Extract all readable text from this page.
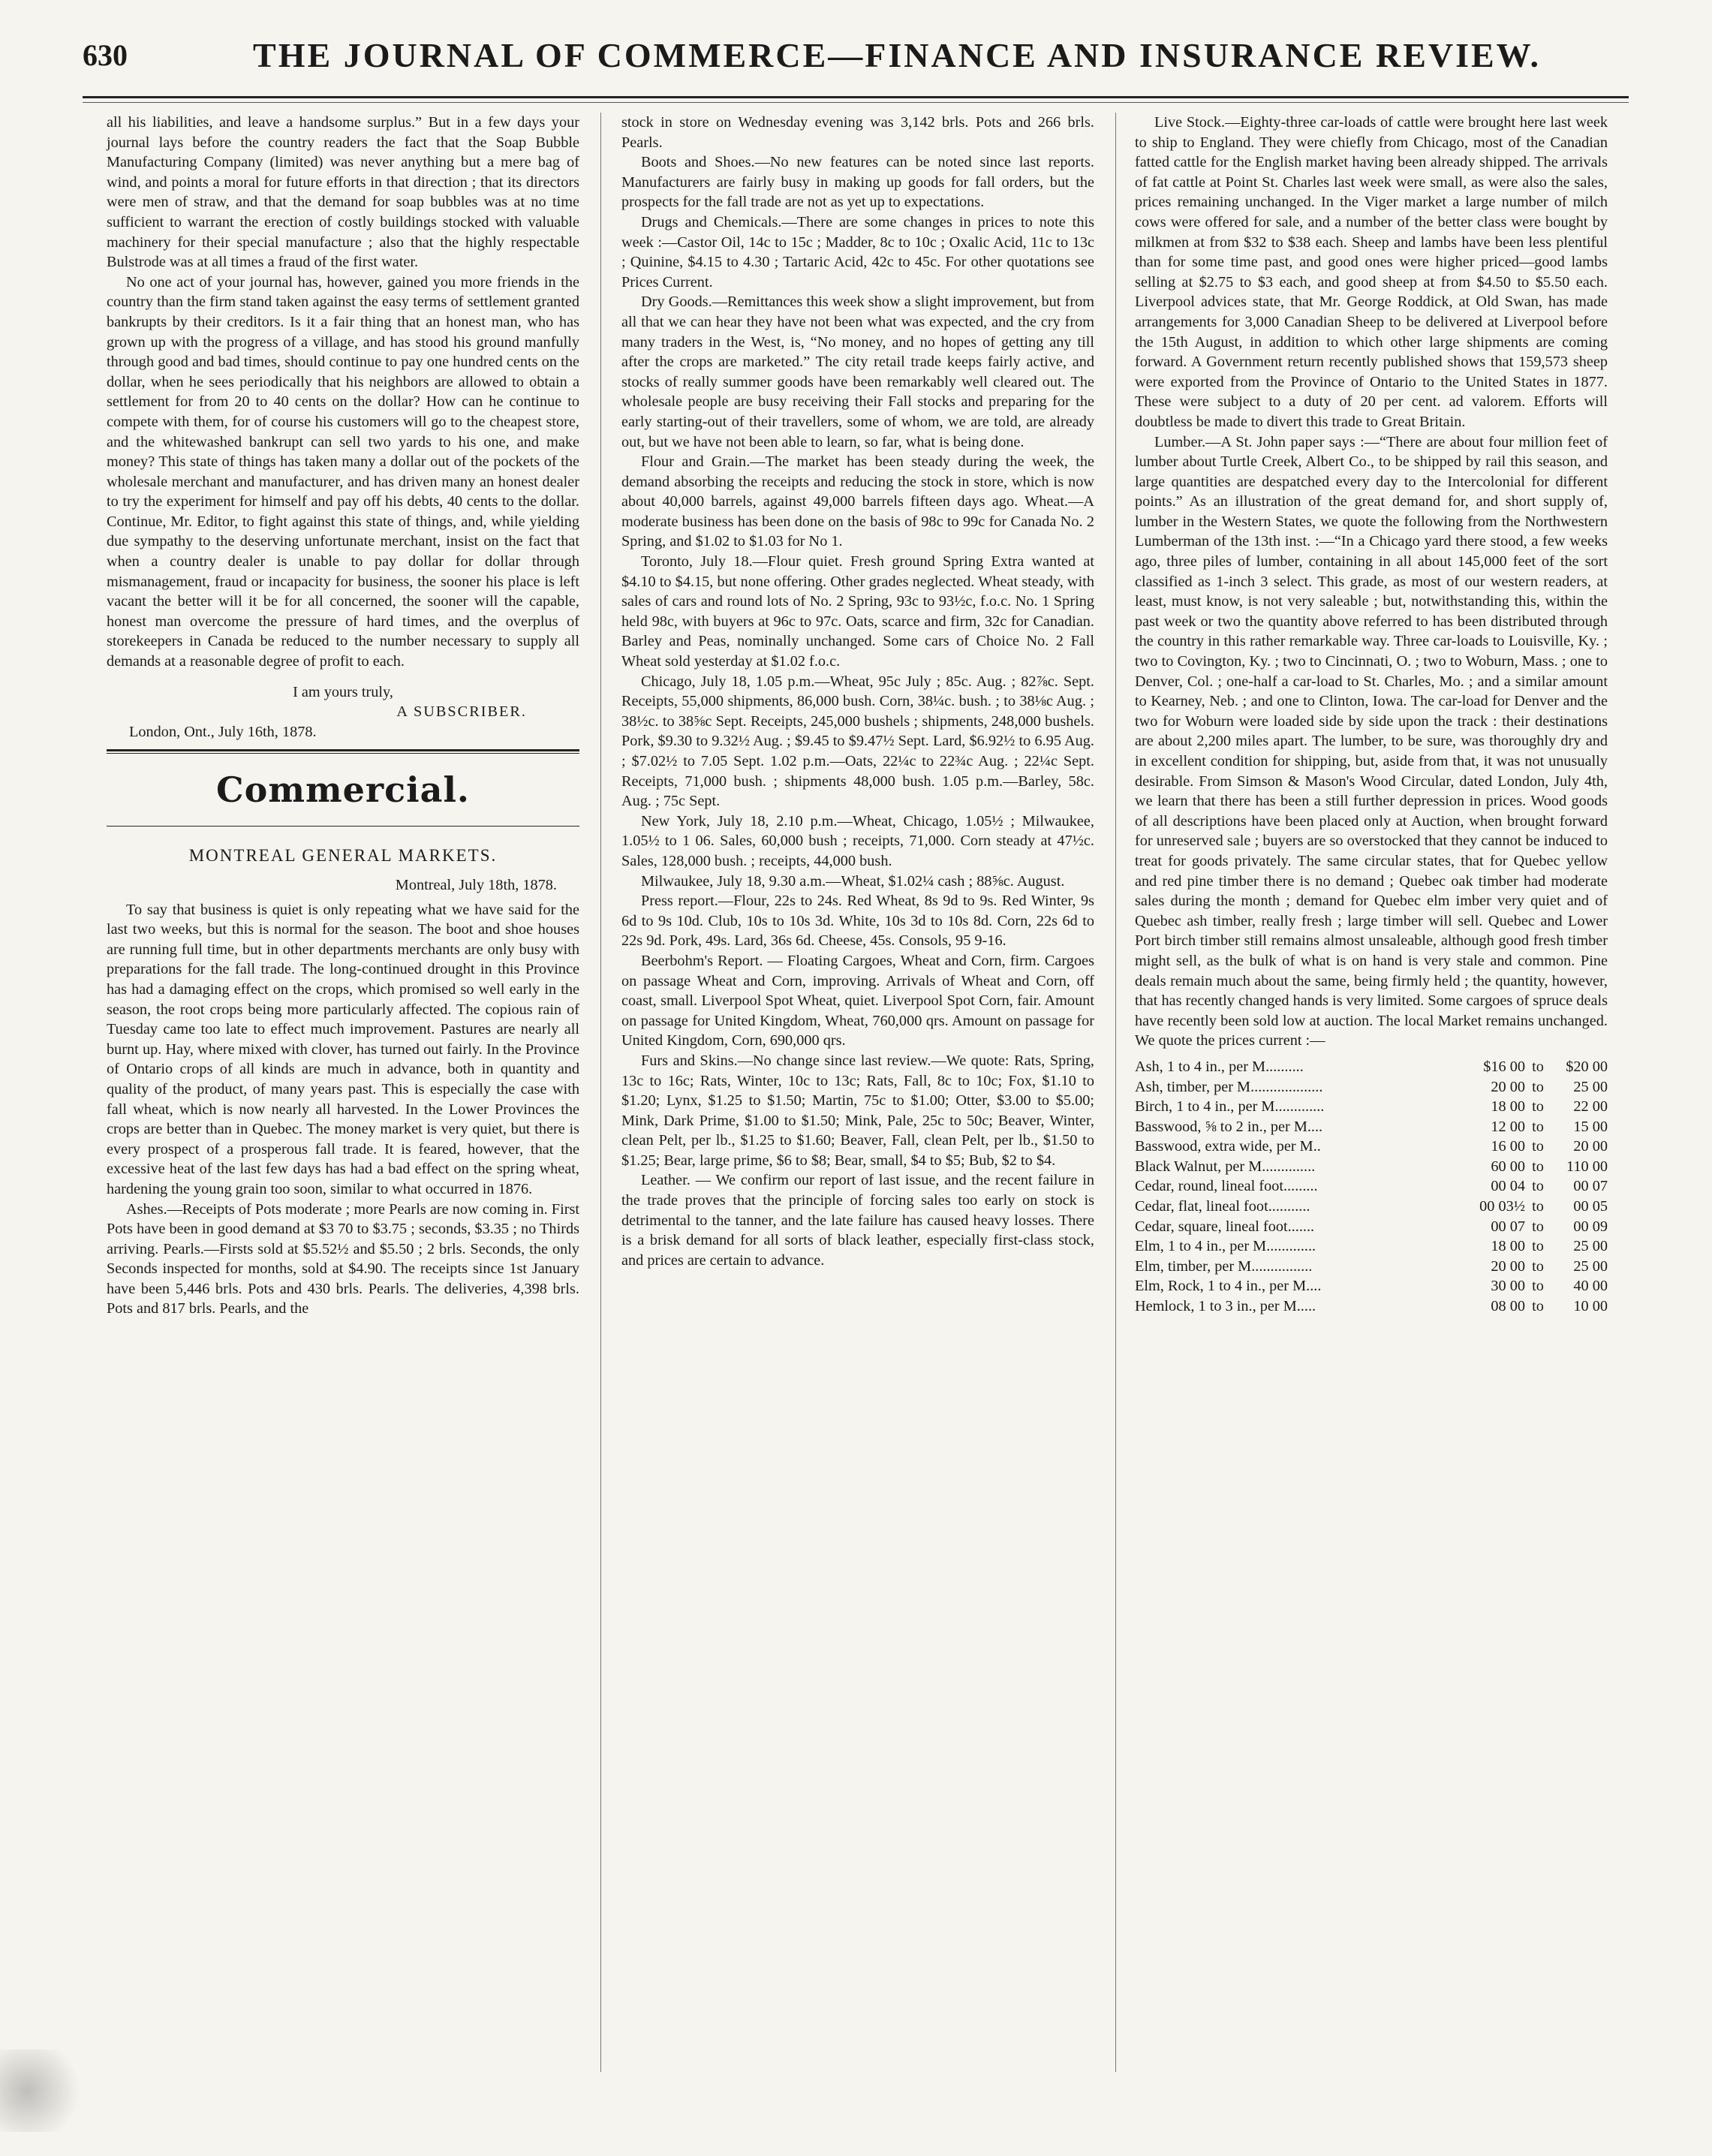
630	THE JOURNAL OF COMMERCE—FINANCE AND INSURANCE REVIEW.

all his liabilities, and leave a handsome surplus.” But in a few days your journal lays before the country readers the fact that the Soap Bubble Manufacturing Company (limited) was never anything but a mere bag of wind, and points a moral for future efforts in that direction ; that its directors were men of straw, and that the demand for soap bubbles was at no time sufficient to warrant the erection of costly buildings stocked with valuable machinery for their special manufacture ; also that the highly respectable Bulstrode was at all times a fraud of the first water.

No one act of your journal has, however, gained you more friends in the country than the firm stand taken against the easy terms of settlement granted bankrupts by their creditors. Is it a fair thing that an honest man, who has grown up with the progress of a village, and has stood his ground manfully through good and bad times, should continue to pay one hundred cents on the dollar, when he sees periodically that his neighbors are allowed to obtain a settlement for from 20 to 40 cents on the dollar? How can he continue to compete with them, for of course his customers will go to the cheapest store, and the whitewashed bankrupt can sell two yards to his one, and make money? This state of things has taken many a dollar out of the pockets of the wholesale merchant and manufacturer, and has driven many an honest dealer to try the experiment for himself and pay off his debts, 40 cents to the dollar. Continue, Mr. Editor, to fight against this state of things, and, while yielding due sympathy to the deserving unfortunate merchant, insist on the fact that when a country dealer is unable to pay dollar for dollar through mismanagement, fraud or incapacity for business, the sooner his place is left vacant the better will it be for all concerned, the sooner will the capable, honest man overcome the pressure of hard times, and the overplus of storekeepers in Canada be reduced to the number necessary to supply all demands at a reasonable degree of profit to each.

I am yours truly,

A SUBSCRIBER.

London, Ont., July 16th, 1878.

Commercial.

MONTREAL GENERAL MARKETS.

Montreal, July 18th, 1878.

To say that business is quiet is only repeating what we have said for the last two weeks, but this is normal for the season. The boot and shoe houses are running full time, but in other departments merchants are only busy with preparations for the fall trade. The long-continued drought in this Province has had a damaging effect on the crops, which promised so well early in the season, the root crops being more particularly affected. The copious rain of Tuesday came too late to effect much improvement. Pastures are nearly all burnt up. Hay, where mixed with clover, has turned out fairly. In the Province of Ontario crops of all kinds are much in advance, both in quantity and quality of the product, of many years past. This is especially the case with fall wheat, which is now nearly all harvested. In the Lower Provinces the crops are better than in Quebec. The money market is very quiet, but there is every prospect of a prosperous fall trade. It is feared, however, that the excessive heat of the last few days has had a bad effect on the spring wheat, hardening the young grain too soon, similar to what occurred in 1876.

Ashes.—Receipts of Pots moderate ; more Pearls are now coming in. First Pots have been in good demand at $3 70 to $3.75 ; seconds, $3.35 ; no Thirds arriving. Pearls.—Firsts sold at $5.52½ and $5.50 ; 2 brls. Seconds, the only Seconds inspected for months, sold at $4.90. The receipts since 1st January have been 5,446 brls. Pots and 430 brls. Pearls. The deliveries, 4,398 brls. Pots and 817 brls. Pearls, and the

stock in store on Wednesday evening was 3,142 brls. Pots and 266 brls. Pearls.

Boots and Shoes.—No new features can be noted since last reports. Manufacturers are fairly busy in making up goods for fall orders, but the prospects for the fall trade are not as yet up to expectations.

Drugs and Chemicals.—There are some changes in prices to note this week :—Castor Oil, 14c to 15c ; Madder, 8c to 10c ; Oxalic Acid, 11c to 13c ; Quinine, $4.15 to 4.30 ; Tartaric Acid, 42c to 45c. For other quotations see Prices Current.

Dry Goods.—Remittances this week show a slight improvement, but from all that we can hear they have not been what was expected, and the cry from many traders in the West, is, “No money, and no hopes of getting any till after the crops are marketed.” The city retail trade keeps fairly active, and stocks of really summer goods have been remarkably well cleared out. The wholesale people are busy receiving their Fall stocks and preparing for the early starting-out of their travellers, some of whom, we are told, are already out, but we have not been able to learn, so far, what is being done.

Flour and Grain.—The market has been steady during the week, the demand absorbing the receipts and reducing the stock in store, which is now about 40,000 barrels, against 49,000 barrels fifteen days ago. Wheat.—A moderate business has been done on the basis of 98c to 99c for Canada No. 2 Spring, and $1.02 to $1.03 for No 1.

Toronto, July 18.—Flour quiet. Fresh ground Spring Extra wanted at $4.10 to $4.15, but none offering. Other grades neglected. Wheat steady, with sales of cars and round lots of No. 2 Spring, 93c to 93½c, f.o.c. No. 1 Spring held 98c, with buyers at 96c to 97c. Oats, scarce and firm, 32c for Canadian. Barley and Peas, nominally unchanged. Some cars of Choice No. 2 Fall Wheat sold yesterday at $1.02 f.o.c.

Chicago, July 18, 1.05 p.m.—Wheat, 95c July ; 85c. Aug. ; 82⅞c. Sept. Receipts, 55,000 shipments, 86,000 bush. Corn, 38¼c. bush. ; to 38⅛c Aug. ; 38½c. to 38⅝c Sept. Receipts, 245,000 bushels ; shipments, 248,000 bushels. Pork, $9.30 to 9.32½ Aug. ; $9.45 to $9.47½ Sept. Lard, $6.92½ to 6.95 Aug. ; $7.02½ to 7.05 Sept. 1.02 p.m.—Oats, 22¼c to 22¾c Aug. ; 22¼c Sept. Receipts, 71,000 bush. ; shipments 48,000 bush. 1.05 p.m.—Barley, 58c. Aug. ; 75c Sept.

New York, July 18, 2.10 p.m.—Wheat, Chicago, 1.05½ ; Milwaukee, 1.05½ to 1 06. Sales, 60,000 bush ; receipts, 71,000. Corn steady at 47½c. Sales, 128,000 bush. ; receipts, 44,000 bush.

Milwaukee, July 18, 9.30 a.m.—Wheat, $1.02¼ cash ; 88⅝c. August.

Press report.—Flour, 22s to 24s. Red Wheat, 8s 9d to 9s. Red Winter, 9s 6d to 9s 10d. Club, 10s to 10s 3d. White, 10s 3d to 10s 8d. Corn, 22s 6d to 22s 9d. Pork, 49s. Lard, 36s 6d. Cheese, 45s. Consols, 95 9-16.

Beerbohm's Report. — Floating Cargoes, Wheat and Corn, firm. Cargoes on passage Wheat and Corn, improving. Arrivals of Wheat and Corn, off coast, small. Liverpool Spot Wheat, quiet. Liverpool Spot Corn, fair. Amount on passage for United Kingdom, Wheat, 760,000 qrs. Amount on passage for United Kingdom, Corn, 690,000 qrs.

Furs and Skins.—No change since last review.—We quote: Rats, Spring, 13c to 16c; Rats, Winter, 10c to 13c; Rats, Fall, 8c to 10c; Fox, $1.10 to $1.20; Lynx, $1.25 to $1.50; Martin, 75c to $1.00; Otter, $3.00 to $5.00; Mink, Dark Prime, $1.00 to $1.50; Mink, Pale, 25c to 50c; Beaver, Winter, clean Pelt, per lb., $1.25 to $1.60; Beaver, Fall, clean Pelt, per lb., $1.50 to $1.25; Bear, large prime, $6 to $8; Bear, small, $4 to $5; Bub, $2 to $4.

Leather. — We confirm our report of last issue, and the recent failure in the trade proves that the principle of forcing sales too early on stock is detrimental to the tanner, and the late failure has caused heavy losses. There is a brisk demand for all sorts of black leather, especially first-class stock, and prices are certain to advance.

Live Stock.—Eighty-three car-loads of cattle were brought here last week to ship to England. They were chiefly from Chicago, most of the Canadian fatted cattle for the English market having been already shipped. The arrivals of fat cattle at Point St. Charles last week were small, as were also the sales, prices remaining unchanged. In the Viger market a large number of milch cows were offered for sale, and a number of the better class were bought by milkmen at from $32 to $38 each. Sheep and lambs have been less plentiful than for some time past, and good ones were higher priced—good lambs selling at $2.75 to $3 each, and good sheep at from $4.50 to $5.50 each. Liverpool advices state, that Mr. George Roddick, at Old Swan, has made arrangements for 3,000 Canadian Sheep to be delivered at Liverpool before the 15th August, in addition to which other large shipments are coming forward. A Government return recently published shows that 159,573 sheep were exported from the Province of Ontario to the United States in 1877. These were subject to a duty of 20 per cent. ad valorem. Efforts will doubtless be made to divert this trade to Great Britain.

Lumber.—A St. John paper says :—“There are about four million feet of lumber about Turtle Creek, Albert Co., to be shipped by rail this season, and large quantities are despatched every day to the Intercolonial for different points.” As an illustration of the great demand for, and short supply of, lumber in the Western States, we quote the following from the Northwestern Lumberman of the 13th inst. :—“In a Chicago yard there stood, a few weeks ago, three piles of lumber, containing in all about 145,000 feet of the sort classified as 1-inch 3 select. This grade, as most of our western readers, at least, must know, is not very saleable ; but, notwithstanding this, within the past week or two the quantity above referred to has been distributed through the country in this rather remarkable way. Three car-loads to Louisville, Ky. ; two to Covington, Ky. ; two to Cincinnati, O. ; two to Woburn, Mass. ; one to Denver, Col. ; one-half a car-load to St. Charles, Mo. ; and a similar amount to Kearney, Neb. ; and one to Clinton, Iowa. The car-load for Denver and the two for Woburn were loaded side by side upon the track : their destinations are about 2,200 miles apart. The lumber, to be sure, was thoroughly dry and in excellent condition for shipping, but, aside from that, it was not unusually desirable. From Simson & Mason's Wood Circular, dated London, July 4th, we learn that there has been a still further depression in prices. Wood goods of all descriptions have been placed only at Auction, when brought forward for unreserved sale ; buyers are so overstocked that they cannot be induced to treat for goods privately. The same circular states, that for Quebec yellow and red pine timber there is no demand ; Quebec oak timber had moderate sales during the month ; demand for Quebec elm imber very quiet and of Quebec ash timber, really fresh ; large timber will sell. Quebec and Lower Port birch timber still remains almost unsaleable, although good fresh timber might sell, as the bulk of what is on hand is very stale and common. Pine deals remain much about the same, being firmly held ; the quantity, however, that has recently changed hands is very limited. Some cargoes of spruce deals have recently been sold low at auction. The local Market remains unchanged. We quote the prices current :—

Ash, 1 to 4 in., per M..........	$16 00 to	$20 00
Ash, timber, per M...................	20 00 to	25 00
Birch, 1 to 4 in., per M.............	18 00 to	22 00
Basswood, ⅝ to 2 in., per M....	12 00 to	15 00
Basswood, extra wide, per M..	16 00 to	20 00
Black Walnut, per M..............	60 00 to	110 00
Cedar, round, lineal foot.........	00 04 to	00 07
Cedar, flat, lineal foot...........	00 03½ to	00 05
Cedar, square, lineal foot.......	00 07 to	00 09
Elm, 1 to 4 in., per M.............	18 00 to	25 00
Elm, timber, per M................	20 00 to	25 00
Elm, Rock, 1 to 4 in., per M....	30 00 to	40 00
Hemlock, 1 to 3 in., per M.....	08 00 to	10 00
